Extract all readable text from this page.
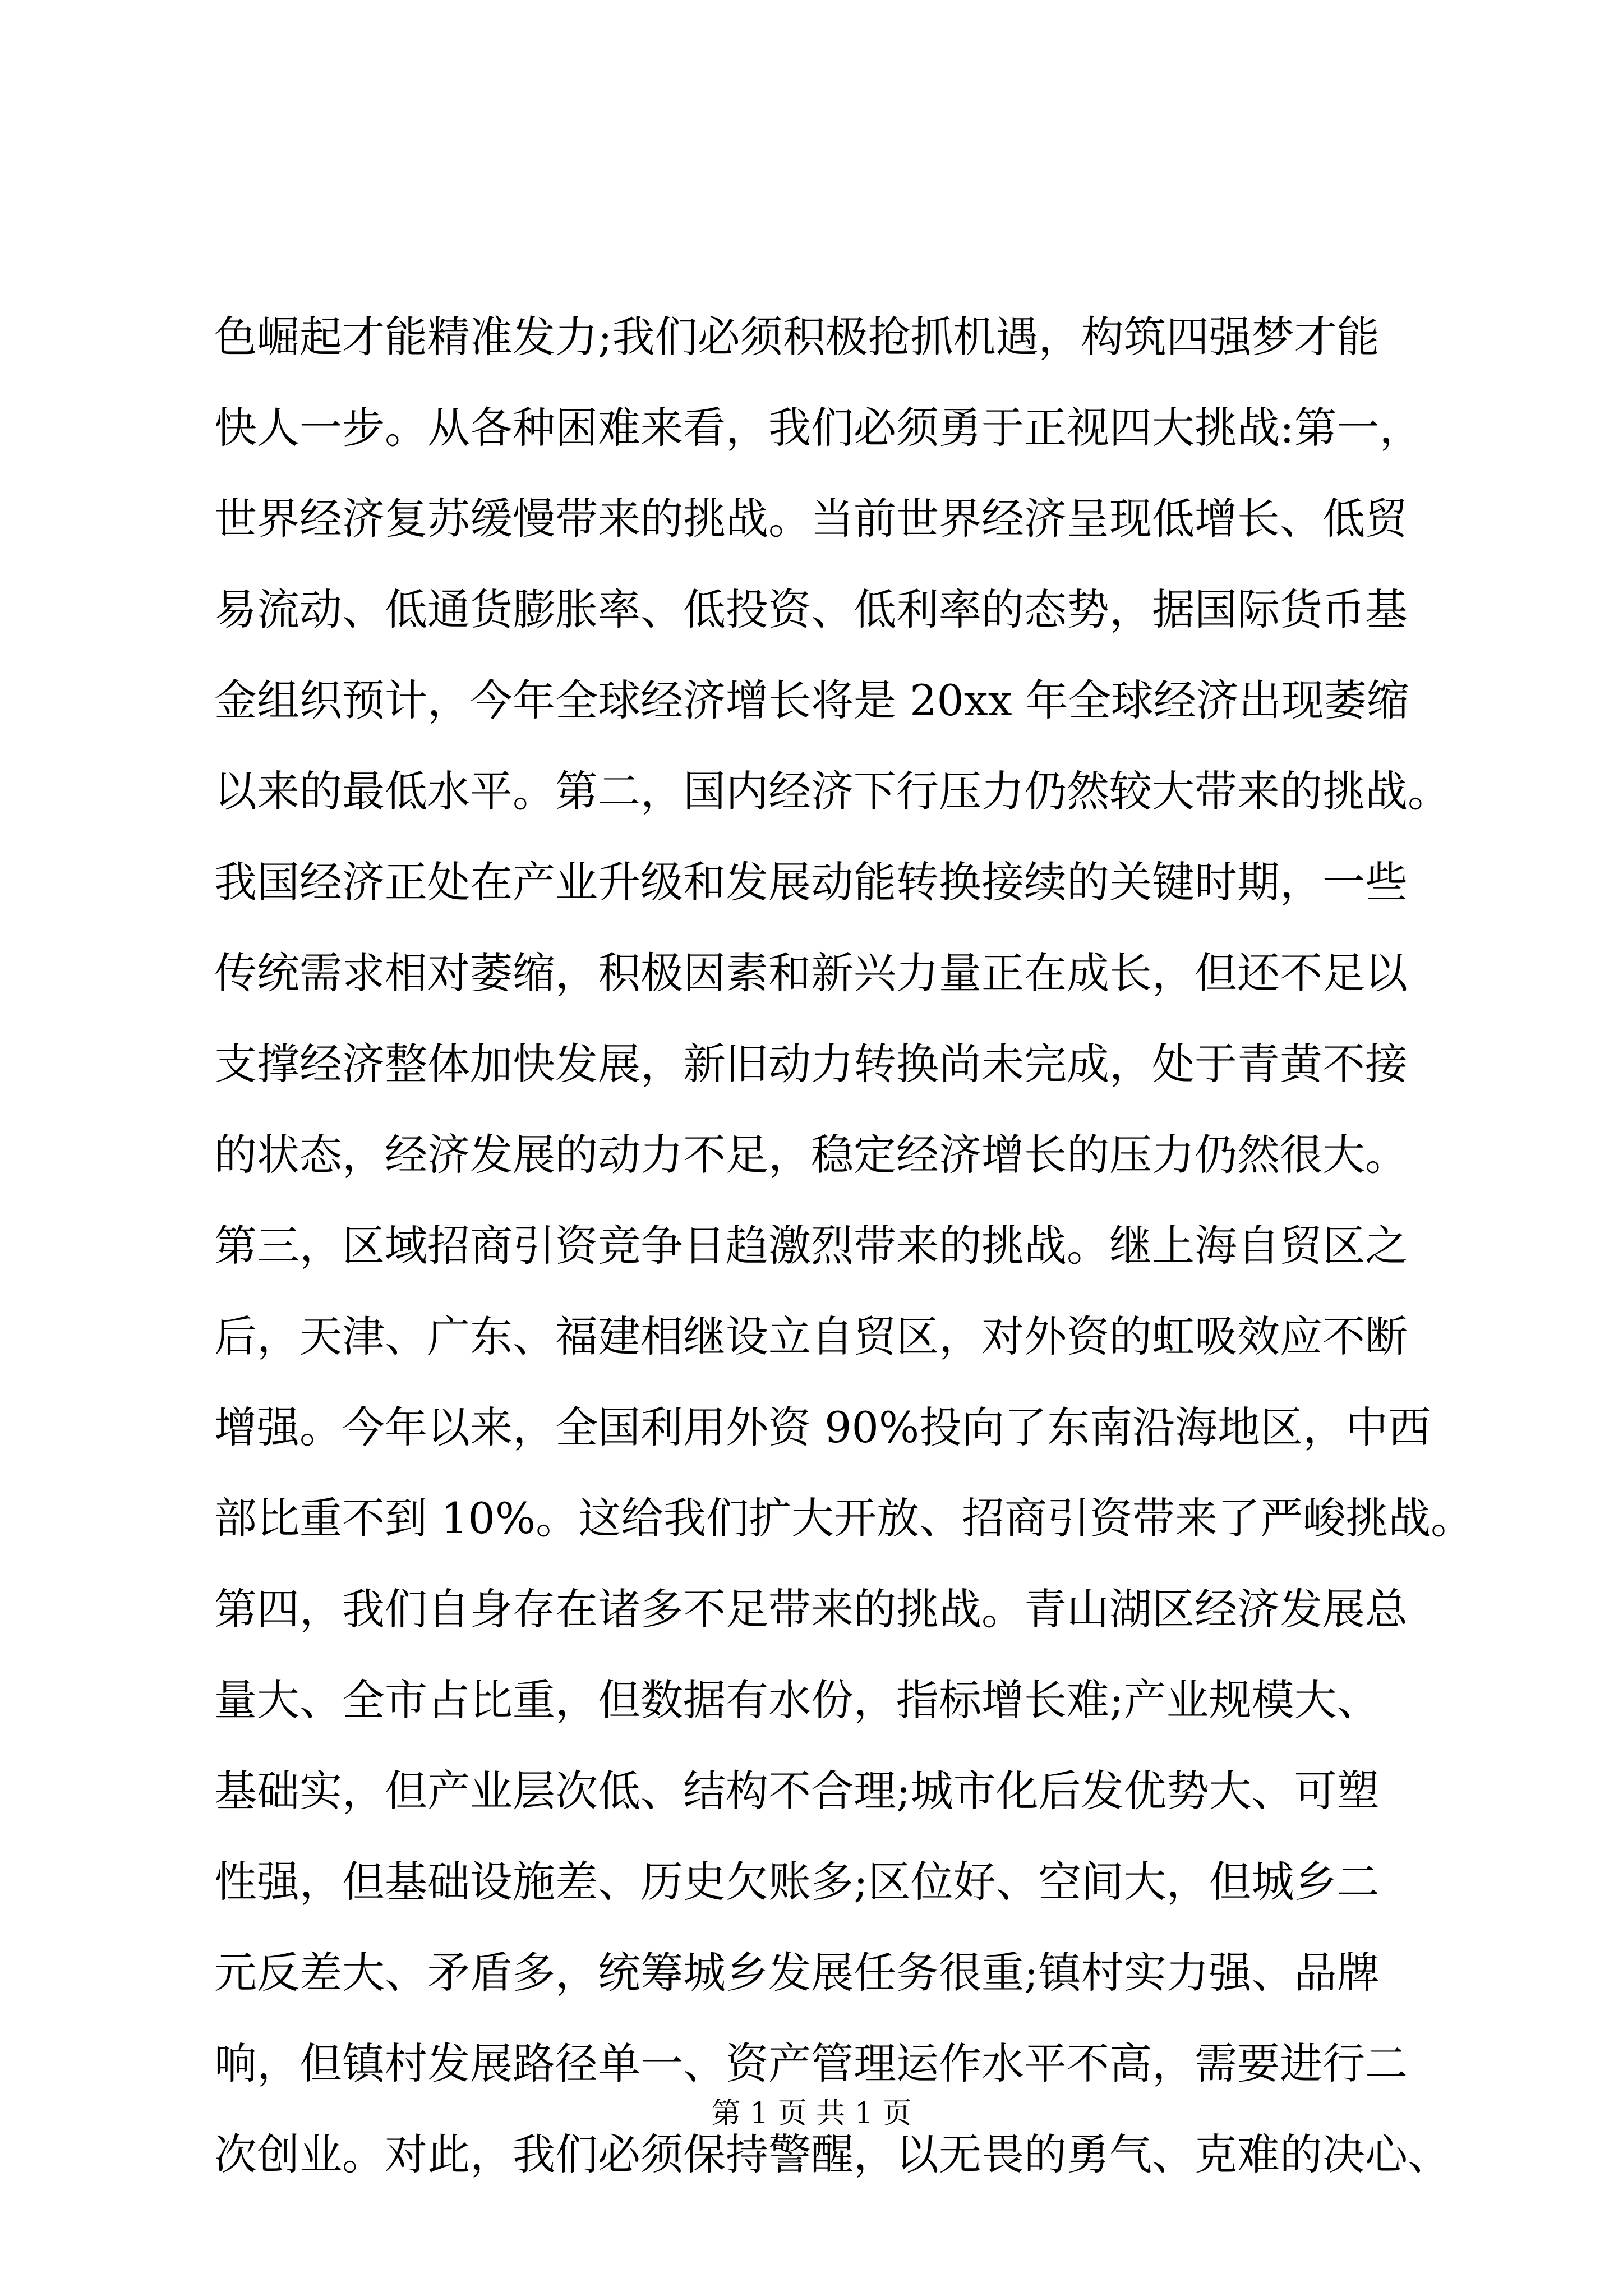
色崛起才能精准发力;我们必须积极抢抓机遇，构筑四强梦才能
快人一步。从各种困难来看，我们必须勇于正视四大挑战:第一，
世界经济复苏缓慢带来的挑战。当前世界经济呈现低增长、低贸
易流动、低通货膨胀率、低投资、低利率的态势，据国际货币基
金组织预计，今年全球经济增长将是 20xx 年全球经济出现萎缩
以来的最低水平。第二，国内经济下行压力仍然较大带来的挑战。
我国经济正处在产业升级和发展动能转换接续的关键时期，一些
传统需求相对萎缩，积极因素和新兴力量正在成长，但还不足以
支撑经济整体加快发展，新旧动力转换尚未完成，处于青黄不接
的状态，经济发展的动力不足，稳定经济增长的压力仍然很大。
第三，区域招商引资竞争日趋激烈带来的挑战。继上海自贸区之
后，天津、广东、福建相继设立自贸区，对外资的虹吸效应不断
增强。今年以来，全国利用外资 90%投向了东南沿海地区，中西
部比重不到 10%。这给我们扩大开放、招商引资带来了严峻挑战。
第四，我们自身存在诸多不足带来的挑战。青山湖区经济发展总
量大、全市占比重，但数据有水份，指标增长难;产业规模大、
基础实，但产业层次低、结构不合理;城市化后发优势大、可塑
性强，但基础设施差、历史欠账多;区位好、空间大，但城乡二
元反差大、矛盾多，统筹城乡发展任务很重;镇村实力强、品牌
响，但镇村发展路径单一、资产管理运作水平不高，需要进行二
次创业。对此，我们必须保持警醒，以无畏的勇气、克难的决心、
第 1 页 共 1 页
